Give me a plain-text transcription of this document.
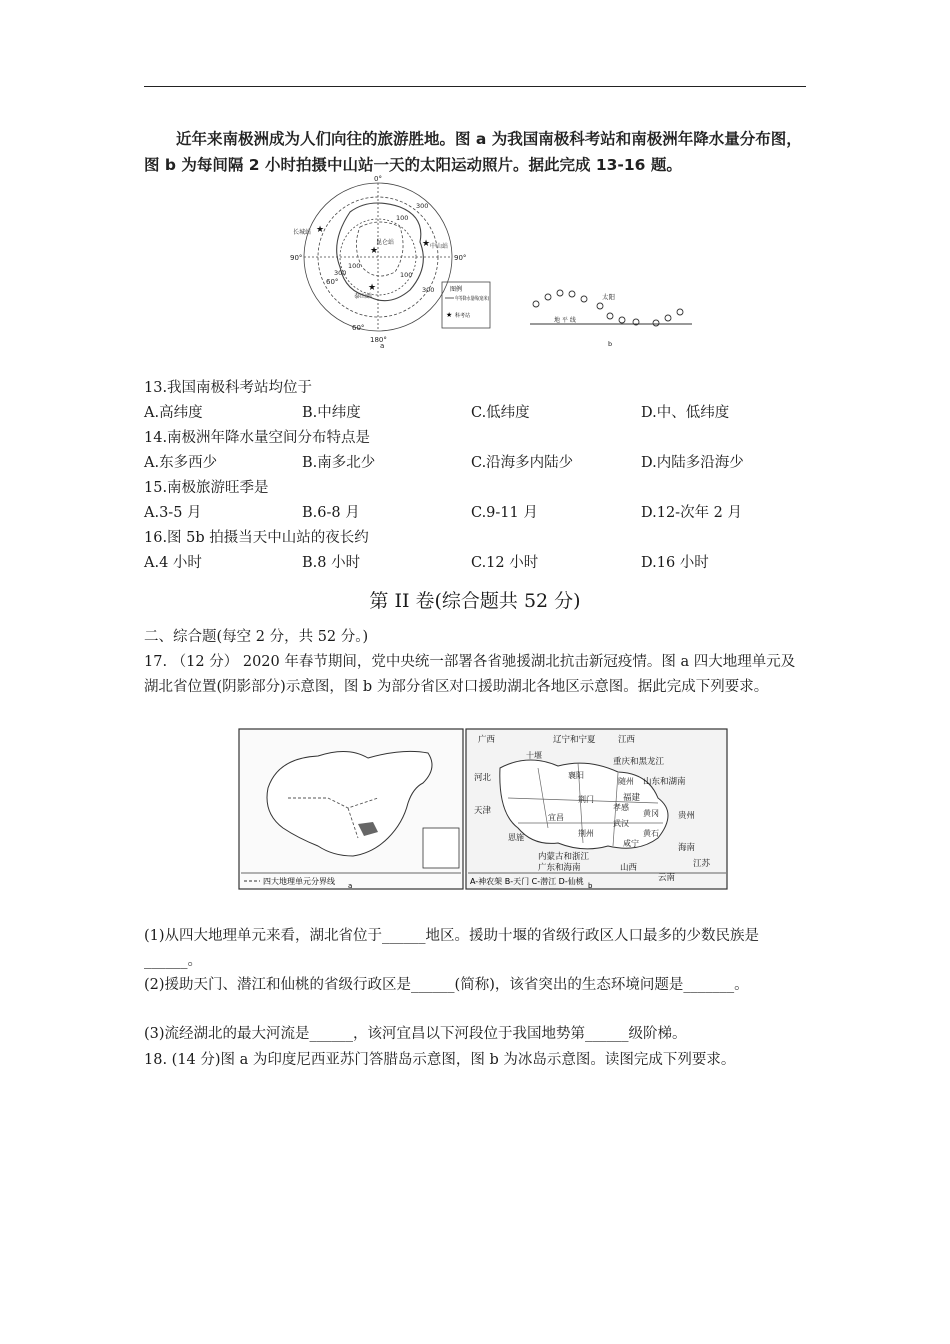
近年来南极洲成为人们向往的旅游胜地。图 a 为我国南极科考站和南极洲年降水量分布图，图 b 为每间隔 2 小时拍摄中山站一天的太阳运动照片。据此完成 13-16 题。

0°
180°
90°	90°
60°
60°
长城站
昆仑站
中山站
泰山站
100
300
100
100
300
300
a
★
★
★
★	图例
年等降水量线(毫米)
★ 科考站
太阳
地 平 线
b
13.我国南极科考站均位于
A.高纬度	B.中纬度	C.低纬度	D.中、低纬度
14.南极洲年降水量空间分布特点是
A.东多西少	B.南多北少	C.沿海多内陆少	D.内陆多沿海少
15.南极旅游旺季是
A.3-5 月	B.6-8 月	C.9-11 月	D.12-次年 2 月
16.图 5b 拍摄当天中山站的夜长约
A.4 小时	B.8 小时	C.12 小时	D.16 小时
第 II 卷(综合题共 52 分)
二、综合题(每空 2 分，共 52 分。)
17. （12 分） 2020 年春节期间，党中央统一部署各省驰援湖北抗击新冠疫情。图 a 四大地理单元及湖北省位置(阴影部分)示意图，图 b 为部分省区对口援助湖北各地区示意图。据此完成下列要求。
四大地理单元分界线 a
广西	辽宁和宁夏	江西
重庆和黑龙江
山东和湖南
河北
天津
福建
贵州
海南
内蒙古和浙江
广东和海南	山西
云南
江苏
十堰
襄阳
随州
荆门
孝感
宜昌
武汉
黄冈
恩施
咸宁
黄石
荆州
A-神农架 B-天门 C-潜江 D-仙桃 b
(1)从四大地理单元来看，湖北省位于______地区。援助十堰的省级行政区人口最多的少数民族是______。
(2)援助天门、潜江和仙桃的省级行政区是______(简称)，该省突出的生态环境问题是_______。
(3)流经湖北的最大河流是______，该河宜昌以下河段位于我国地势第______级阶梯。
18. (14 分)图 a 为印度尼西亚苏门答腊岛示意图，图 b 为冰岛示意图。读图完成下列要求。
